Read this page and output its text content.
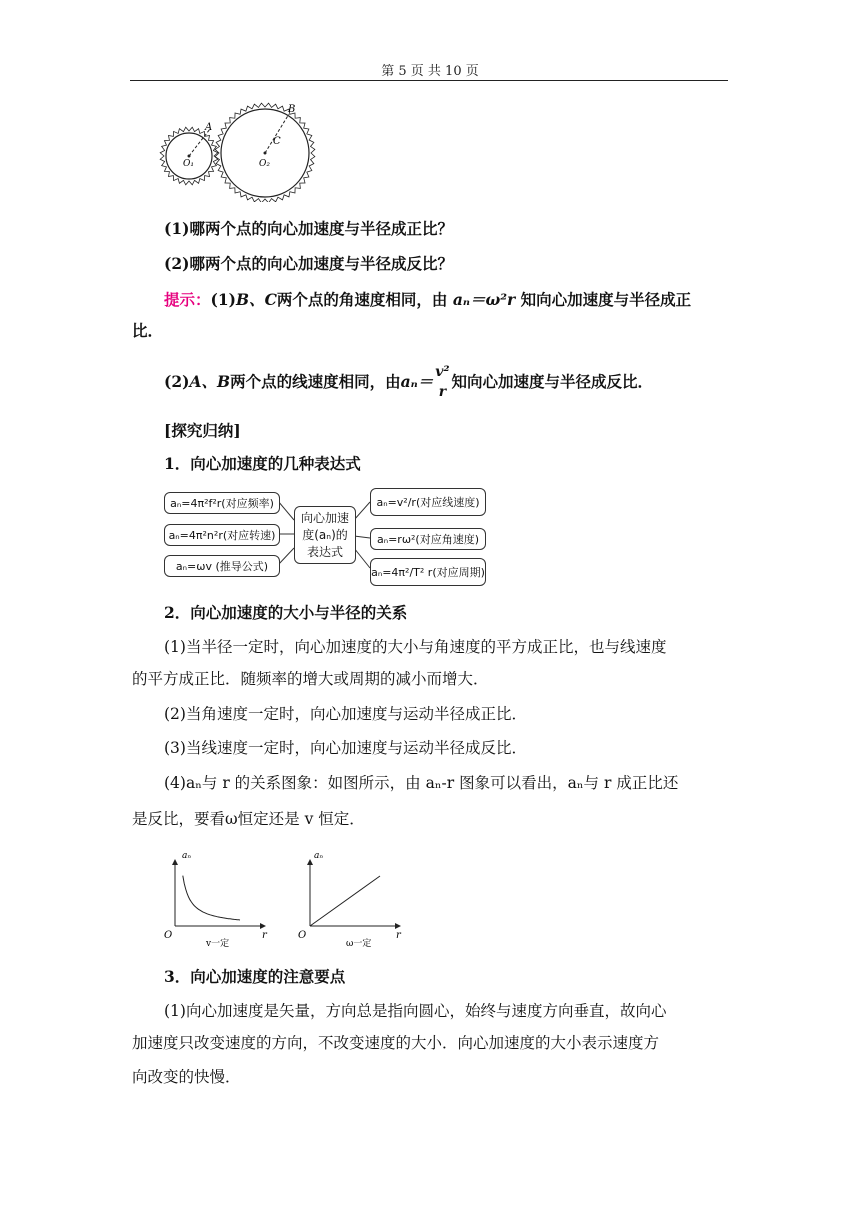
第 5 页 共 10 页
A
B
C
O₁	O₂
(1)哪两个点的向心加速度与半径成正比？
(2)哪两个点的向心加速度与半径成反比？
提示：(1)B、C两个点的角速度相同，由 aₙ＝ω²r 知向心加速度与半径成正
比．
(2) A、B 两个点的线速度相同，由 aₙ＝ v²
r
知向心加速度与半径成反比．
[探究归纳]
1．向心加速度的几种表达式
aₙ=4π²f²r(对应频率)
aₙ=4π²n²r(对应转速)
aₙ=ωv (推导公式)
向心加速
度(aₙ)的
表达式
aₙ=v²/r(对应线速度)
aₙ=rω²(对应角速度)
aₙ=4π²/T² r(对应周期)
2．向心加速度的大小与半径的关系
(1)当半径一定时，向心加速度的大小与角速度的平方成正比，也与线速度
的平方成正比．随频率的增大或周期的减小而增大．
(2)当角速度一定时，向心加速度与运动半径成正比．
(3)当线速度一定时，向心加速度与运动半径成反比．
(4)aₙ与 r 的关系图象：如图所示，由 aₙ-r 图象可以看出，aₙ与 r 成正比还
是反比，要看ω恒定还是 v 恒定．
aₙ
r
O
v一定
aₙ
r
O
ω一定
3．向心加速度的注意要点
(1)向心加速度是矢量，方向总是指向圆心，始终与速度方向垂直，故向心
加速度只改变速度的方向，不改变速度的大小．向心加速度的大小表示速度方
向改变的快慢．
